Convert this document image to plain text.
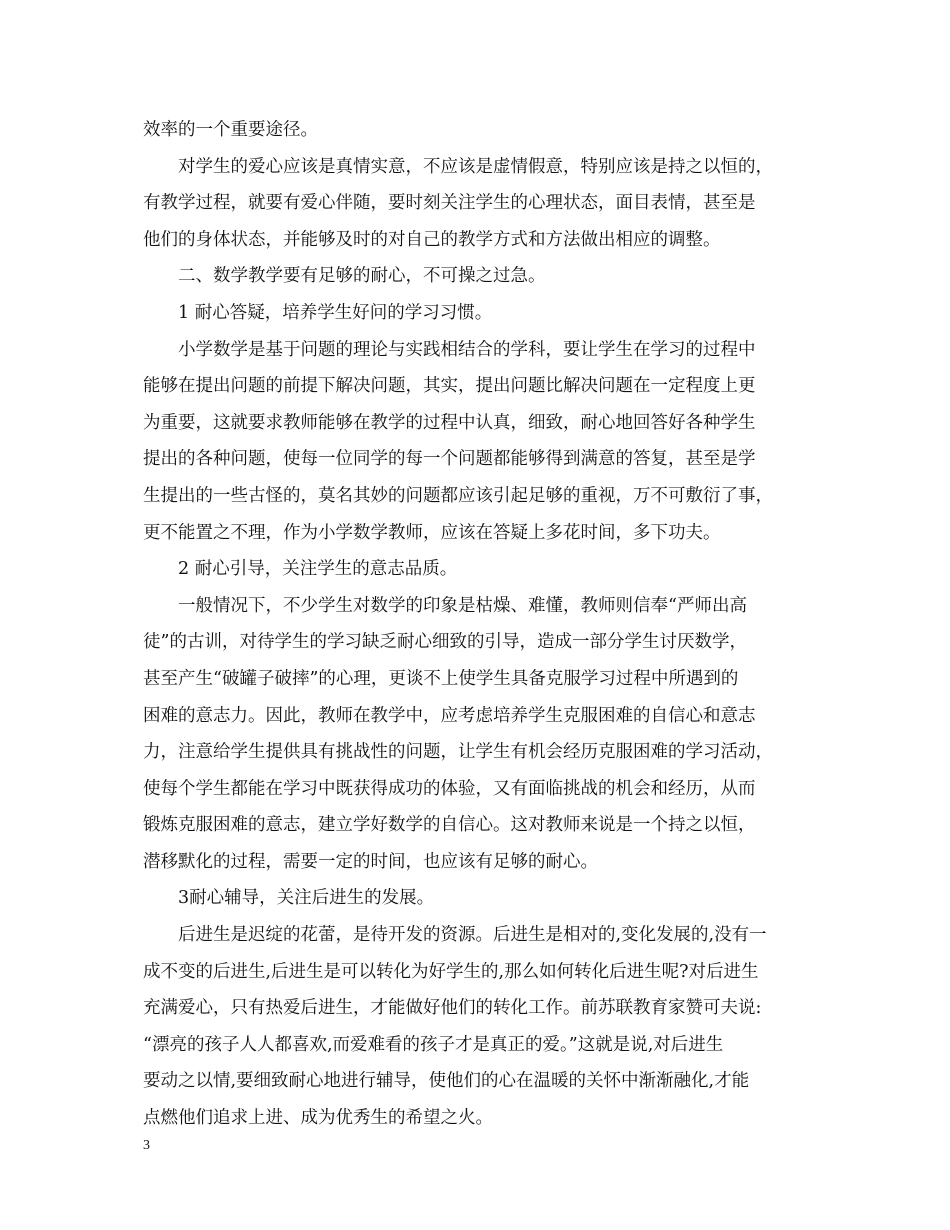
效率的一个重要途径。
对学生的爱心应该是真情实意，不应该是虚情假意，特别应该是持之以恒的，
有教学过程，就要有爱心伴随，要时刻关注学生的心理状态，面目表情，甚至是
他们的身体状态，并能够及时的对自己的教学方式和方法做出相应的调整。
二、数学教学要有足够的耐心，不可操之过急。
1 耐心答疑，培养学生好问的学习习惯。
小学数学是基于问题的理论与实践相结合的学科，要让学生在学习的过程中
能够在提出问题的前提下解决问题，其实，提出问题比解决问题在一定程度上更
为重要，这就要求教师能够在教学的过程中认真，细致，耐心地回答好各种学生
提出的各种问题，使每一位同学的每一个问题都能够得到满意的答复，甚至是学
生提出的一些古怪的，莫名其妙的问题都应该引起足够的重视，万不可敷衍了事，
更不能置之不理，作为小学数学教师，应该在答疑上多花时间，多下功夫。
2 耐心引导，关注学生的意志品质。
一般情况下，不少学生对数学的印象是枯燥、难懂，教师则信奉“严师出高
徒”的古训，对待学生的学习缺乏耐心细致的引导，造成一部分学生讨厌数学，
甚至产生“破罐子破摔”的心理，更谈不上使学生具备克服学习过程中所遇到的
困难的意志力。因此，教师在教学中，应考虑培养学生克服困难的自信心和意志
力，注意给学生提供具有挑战性的问题，让学生有机会经历克服困难的学习活动，
使每个学生都能在学习中既获得成功的体验，又有面临挑战的机会和经历，从而
锻炼克服困难的意志，建立学好数学的自信心。这对教师来说是一个持之以恒，
潜移默化的过程，需要一定的时间，也应该有足够的耐心。
3耐心辅导，关注后进生的发展。
后进生是迟绽的花蕾，是待开发的资源。后进生是相对的,变化发展的,没有一
成不变的后进生,后进生是可以转化为好学生的,那么如何转化后进生呢?对后进生
充满爱心，只有热爱后进生，才能做好他们的转化工作。前苏联教育家赞可夫说:
“漂亮的孩子人人都喜欢,而爱难看的孩子才是真正的爱。”这就是说,对后进生
要动之以情,要细致耐心地进行辅导，使他们的心在温暖的关怀中渐渐融化,才能
点燃他们追求上进、成为优秀生的希望之火。
3
